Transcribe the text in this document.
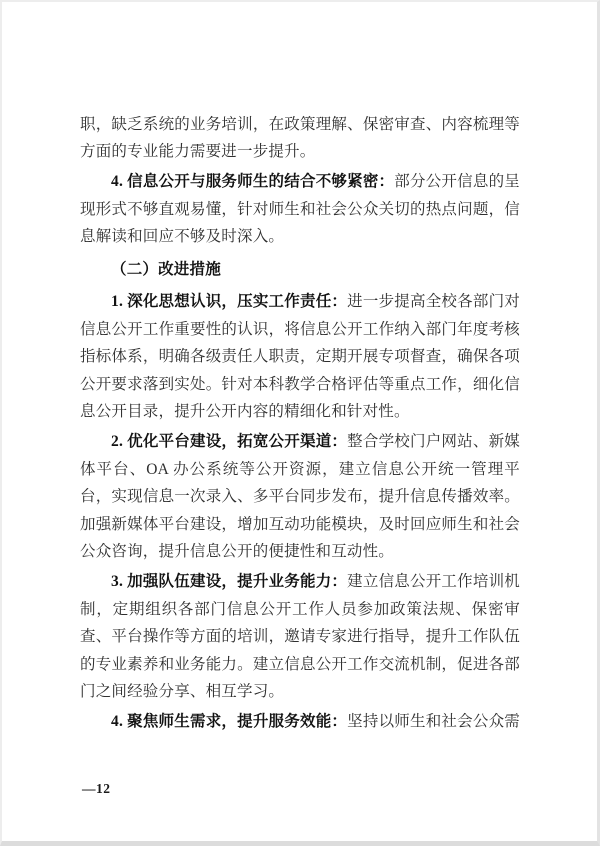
职，缺乏系统的业务培训，在政策理解、保密审查、内容梳理等方面的专业能力需要进一步提升。

4. 信息公开与服务师生的结合不够紧密：部分公开信息的呈现形式不够直观易懂，针对师生和社会公众关切的热点问题，信息解读和回应不够及时深入。

（二）改进措施

1. 深化思想认识，压实工作责任：进一步提高全校各部门对信息公开工作重要性的认识，将信息公开工作纳入部门年度考核指标体系，明确各级责任人职责，定期开展专项督查，确保各项公开要求落到实处。针对本科教学合格评估等重点工作，细化信息公开目录，提升公开内容的精细化和针对性。

2. 优化平台建设，拓宽公开渠道：整合学校门户网站、新媒体平台、OA 办公系统等公开资源，建立信息公开统一管理平台，实现信息一次录入、多平台同步发布，提升信息传播效率。加强新媒体平台建设，增加互动功能模块，及时回应师生和社会公众咨询，提升信息公开的便捷性和互动性。

3. 加强队伍建设，提升业务能力：建立信息公开工作培训机制，定期组织各部门信息公开工作人员参加政策法规、保密审查、平台操作等方面的培训，邀请专家进行指导，提升工作队伍的专业素养和业务能力。建立信息公开工作交流机制，促进各部门之间经验分享、相互学习。

4. 聚焦师生需求，提升服务效能：坚持以师生和社会公众需

—12
